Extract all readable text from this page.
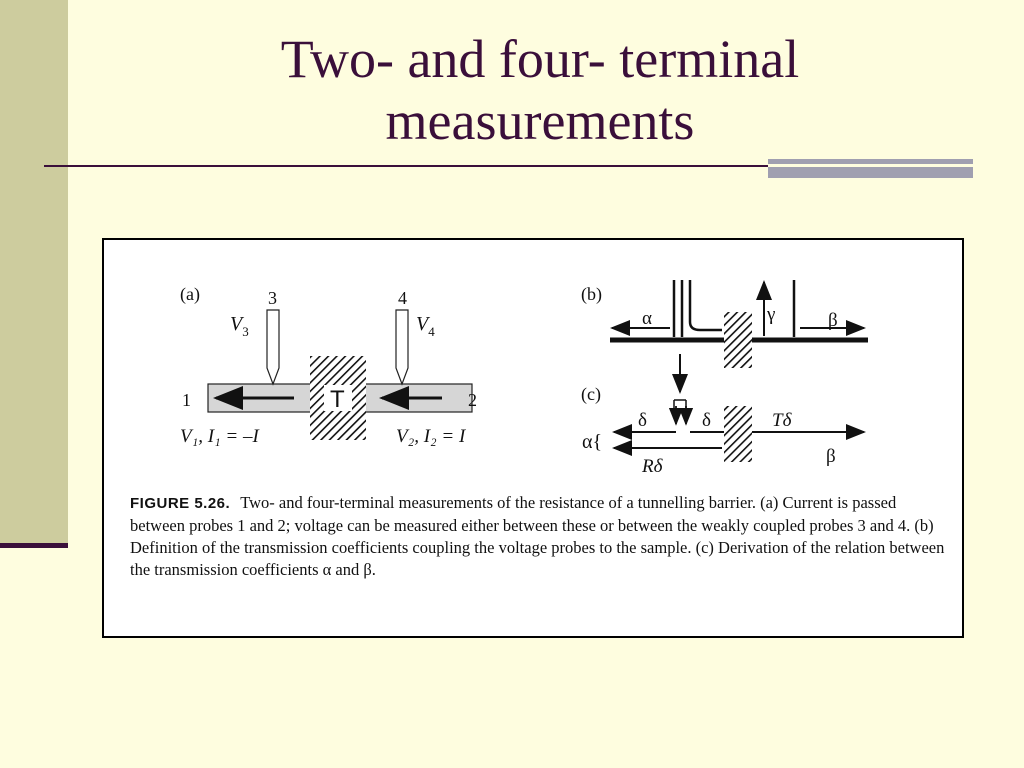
Two- and four- terminal
measurements
(a)
T
3	4
$V_3$	$V_4$
1	2
V₁, I₁ = –I	V₂, I₂ = I
(b)
α	γ	β
(c)
δ	δ	Tδ
α{
Rδ	β
FIGURE 5.26. Two- and four-terminal measurements of the resistance of a tunnelling barrier. (a) Current is passed between probes 1 and 2; voltage can be measured either between these or between the weakly coupled probes 3 and 4. (b) Definition of the transmission coefficients coupling the voltage probes to the sample. (c) Derivation of the relation between the transmission coefficients α and β.
